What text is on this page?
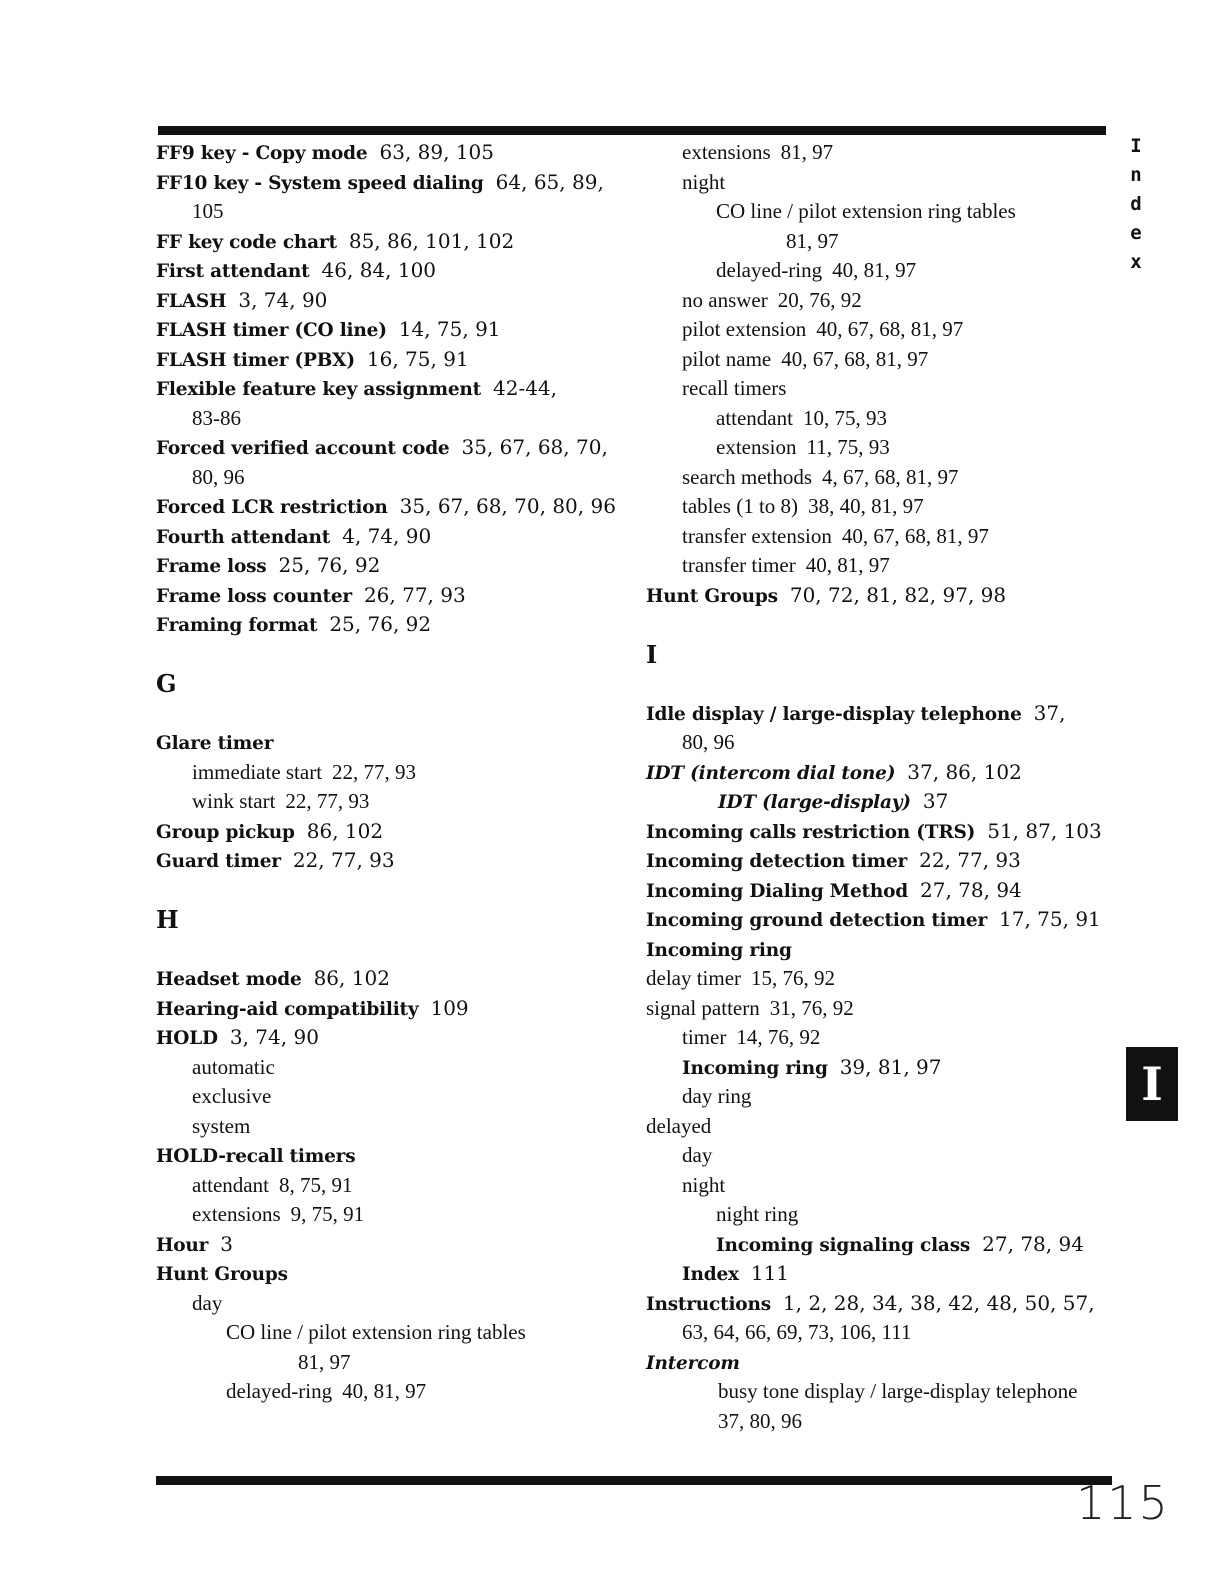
FF9 key - Copy mode 63, 89, 105
FF10 key - System speed dialing 64, 65, 89,
105
FF key code chart 85, 86, 101, 102
First attendant 46, 84, 100
FLASH 3, 74, 90
FLASH timer (CO line) 14, 75, 91
FLASH timer (PBX) 16, 75, 91
Flexible feature key assignment 42-44,
83-86
Forced verified account code 35, 67, 68, 70,
80, 96
Forced LCR restriction 35, 67, 68, 70, 80, 96
Fourth attendant 4, 74, 90
Frame loss 25, 76, 92
Frame loss counter 26, 77, 93
Framing format 25, 76, 92
G
Glare timer
immediate start 22, 77, 93
wink start 22, 77, 93
Group pickup 86, 102
Guard timer 22, 77, 93
H
Headset mode 86, 102
Hearing-aid compatibility 109
HOLD 3, 74, 90
automatic
exclusive
system
HOLD-recall timers
attendant 8, 75, 91
extensions 9, 75, 91
Hour 3
Hunt Groups
day
CO line / pilot extension ring tables
81, 97
delayed-ring 40, 81, 97
extensions 81, 97
night
CO line / pilot extension ring tables
81, 97
delayed-ring 40, 81, 97
no answer 20, 76, 92
pilot extension 40, 67, 68, 81, 97
pilot name 40, 67, 68, 81, 97
recall timers
attendant 10, 75, 93
extension 11, 75, 93
search methods 4, 67, 68, 81, 97
tables (1 to 8) 38, 40, 81, 97
transfer extension 40, 67, 68, 81, 97
transfer timer 40, 81, 97
Hunt Groups 70, 72, 81, 82, 97, 98
I
Idle display / large-display telephone 37,
80, 96
IDT (intercom dial tone) 37, 86, 102
IDT (large-display) 37
Incoming calls restriction (TRS) 51, 87, 103
Incoming detection timer 22, 77, 93
Incoming Dialing Method 27, 78, 94
Incoming ground detection timer 17, 75, 91
Incoming ring
delay timer 15, 76, 92
signal pattern 31, 76, 92
timer 14, 76, 92
Incoming ring 39, 81, 97
day ring
delayed
day
night
night ring
Incoming signaling class 27, 78, 94
Index 111
Instructions 1, 2, 28, 34, 38, 42, 48, 50, 57,
63, 64, 66, 69, 73, 106, 111
Intercom
busy tone display / large-display telephone
37, 80, 96
I
n
d
e
x
I
115
